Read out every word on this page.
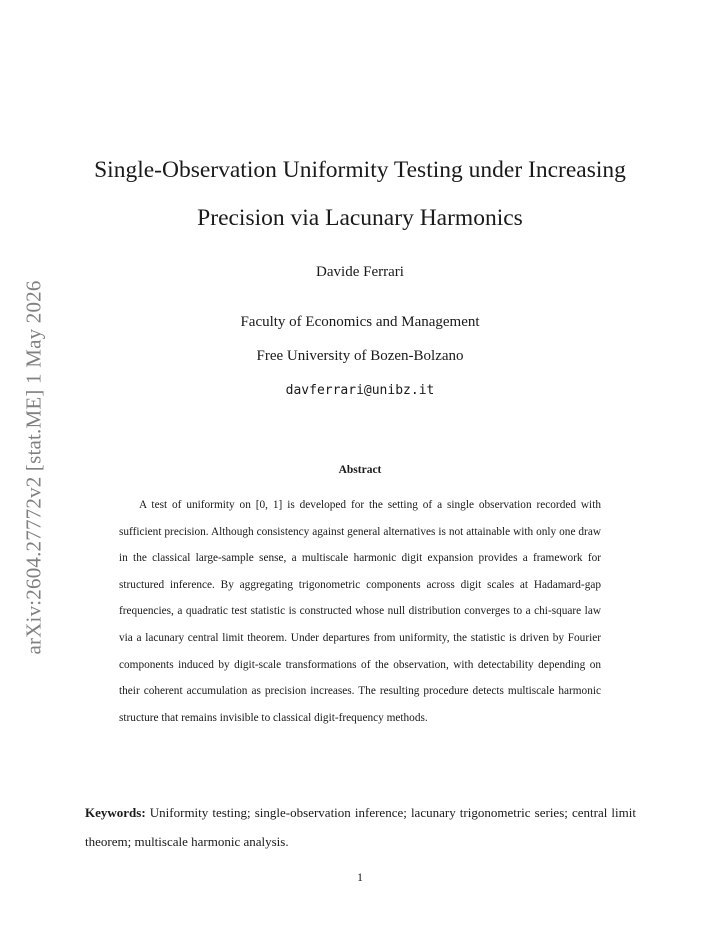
arXiv:2604.27772v2 [stat.ME] 1 May 2026
Single-Observation Uniformity Testing under Increasing
Precision via Lacunary Harmonics
Davide Ferrari
Faculty of Economics and Management
Free University of Bozen-Bolzano
davferrari@unibz.it
Abstract

A test of uniformity on [0, 1] is developed for the setting of a single observation recorded with sufficient precision. Although consistency against general alternatives is not attainable with only one draw in the classical large-sample sense, a multiscale harmonic digit expansion provides a framework for structured inference. By aggregating trigonometric components across digit scales at Hadamard-gap frequencies, a quadratic test statistic is constructed whose null distribution converges to a chi-square law via a lacunary central limit theorem. Under departures from uniformity, the statistic is driven by Fourier components induced by digit-scale transformations of the observation, with detectability depending on their coherent accumulation as precision increases. The resulting procedure detects multiscale harmonic structure that remains invisible to classical digit-frequency methods.

Keywords: Uniformity testing; single-observation inference; lacunary trigonometric series; central limit theorem; multiscale harmonic analysis.

1
